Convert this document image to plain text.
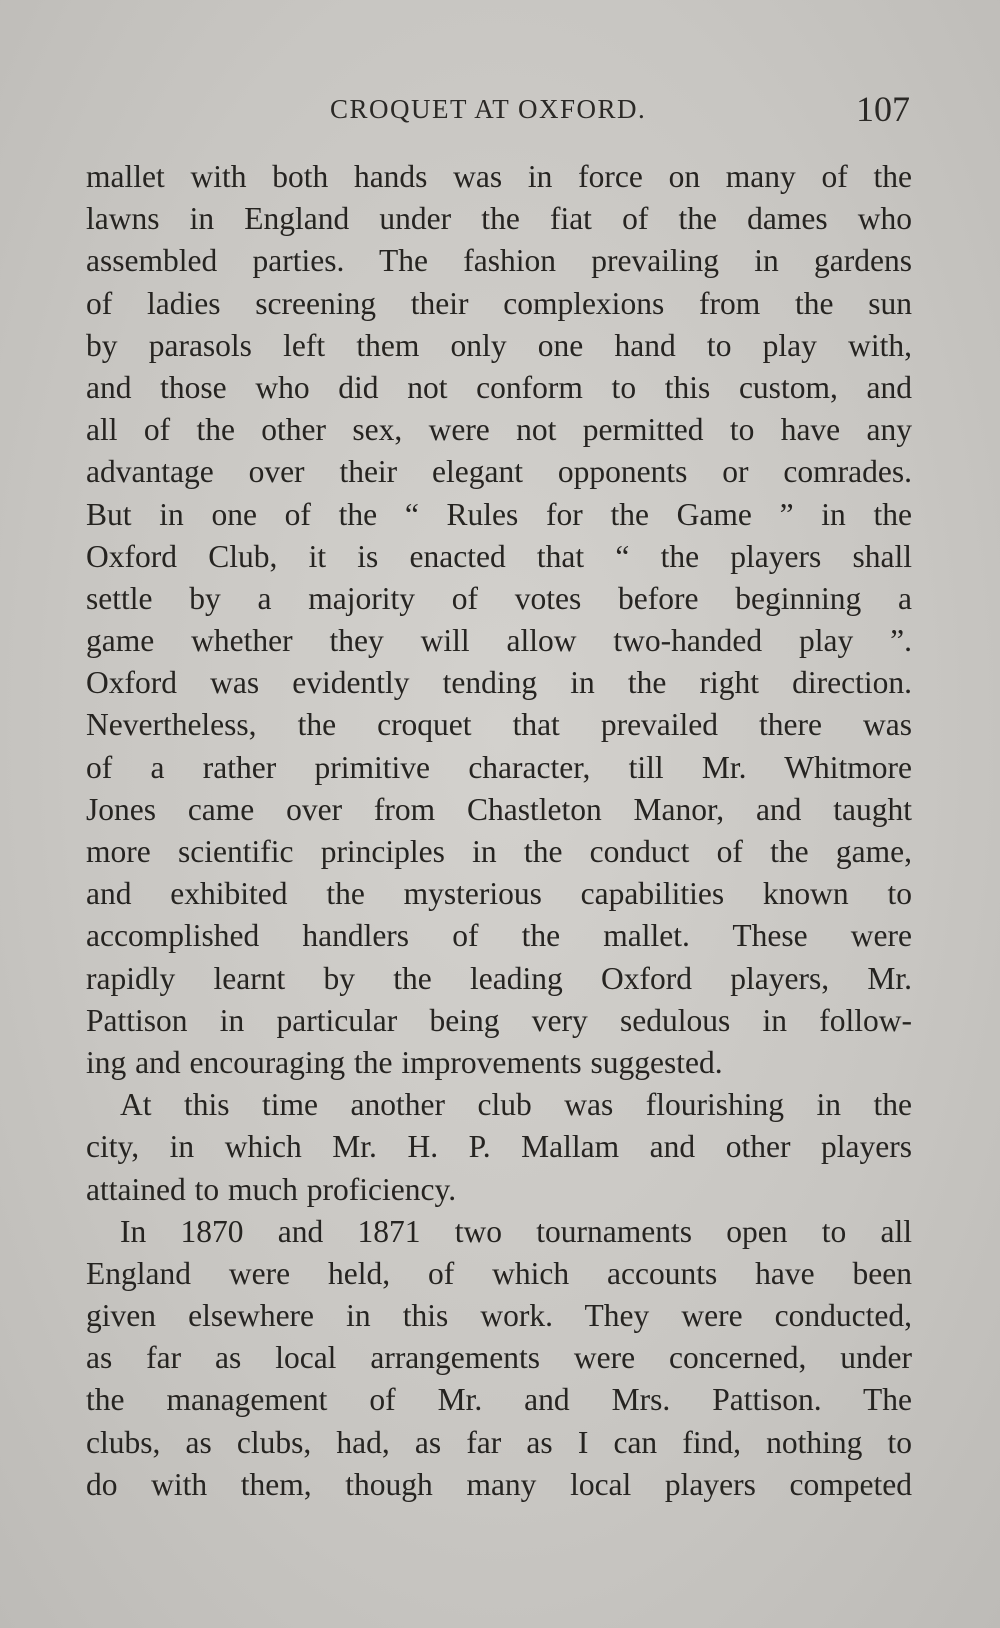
CROQUET AT OXFORD.	107
mallet with both hands was in force on many of the
lawns in England under the fiat of the dames who
assembled parties. The fashion prevailing in gardens
of ladies screening their complexions from the sun
by parasols left them only one hand to play with,
and those who did not conform to this custom, and
all of the other sex, were not permitted to have any
advantage over their elegant opponents or comrades.
But in one of the “ Rules for the Game ” in the
Oxford Club, it is enacted that “ the players shall
settle by a majority of votes before beginning a
game whether they will allow two-handed play ”.
Oxford was evidently tending in the right direction.
Nevertheless, the croquet that prevailed there was
of a rather primitive character, till Mr. Whitmore
Jones came over from Chastleton Manor, and taught
more scientific principles in the conduct of the game,
and exhibited the mysterious capabilities known to
accomplished handlers of the mallet. These were
rapidly learnt by the leading Oxford players, Mr.
Pattison in particular being very sedulous in follow-
ing and encouraging the improvements suggested.
At this time another club was flourishing in the
city, in which Mr. H. P. Mallam and other players
attained to much proficiency.
In 1870 and 1871 two tournaments open to all
England were held, of which accounts have been
given elsewhere in this work. They were conducted,
as far as local arrangements were concerned, under
the management of Mr. and Mrs. Pattison. The
clubs, as clubs, had, as far as I can find, nothing to
do with them, though many local players competed
